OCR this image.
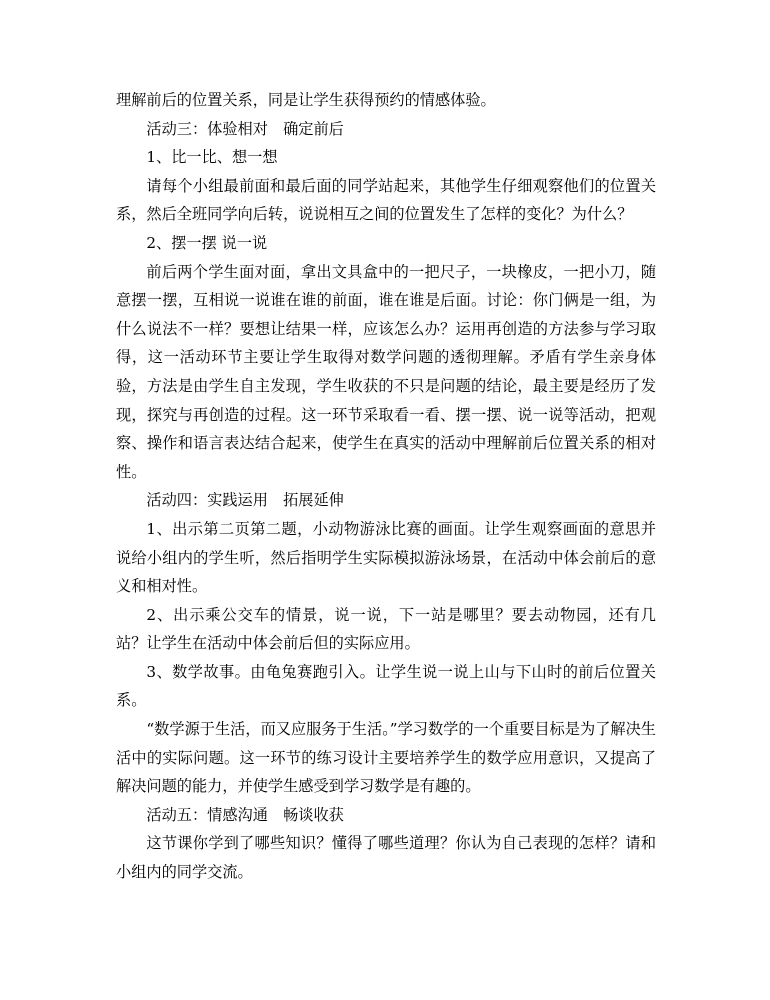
理解前后的位置关系，同是让学生获得预约的情感体验。

活动三：体验相对　确定前后

1、比一比、想一想

请每个小组最前面和最后面的同学站起来，其他学生仔细观察他们的位置关系，然后全班同学向后转，说说相互之间的位置发生了怎样的变化？为什么？

2、摆一摆 说一说

前后两个学生面对面，拿出文具盒中的一把尺子，一块橡皮，一把小刀，随意摆一摆，互相说一说谁在谁的前面，谁在谁是后面。讨论：你门俩是一组，为什么说法不一样？要想让结果一样，应该怎么办？运用再创造的方法参与学习取得，这一活动环节主要让学生取得对数学问题的透彻理解。矛盾有学生亲身体验，方法是由学生自主发现，学生收获的不只是问题的结论，最主要是经历了发现，探究与再创造的过程。这一环节采取看一看、摆一摆、说一说等活动，把观察、操作和语言表达结合起来，使学生在真实的活动中理解前后位置关系的相对性。

活动四：实践运用　拓展延伸

1、出示第二页第二题，小动物游泳比赛的画面。让学生观察画面的意思并说给小组内的学生听，然后指明学生实际模拟游泳场景，在活动中体会前后的意义和相对性。

2、出示乘公交车的情景，说一说，下一站是哪里？要去动物园，还有几站？让学生在活动中体会前后但的实际应用。

3、数学故事。由龟兔赛跑引入。让学生说一说上山与下山时的前后位置关系。

“数学源于生活，而又应服务于生活。”学习数学的一个重要目标是为了解决生活中的实际问题。这一环节的练习设计主要培养学生的数学应用意识，又提高了解决问题的能力，并使学生感受到学习数学是有趣的。

活动五：情感沟通　畅谈收获

这节课你学到了哪些知识？懂得了哪些道理？你认为自己表现的怎样？请和小组内的同学交流。
